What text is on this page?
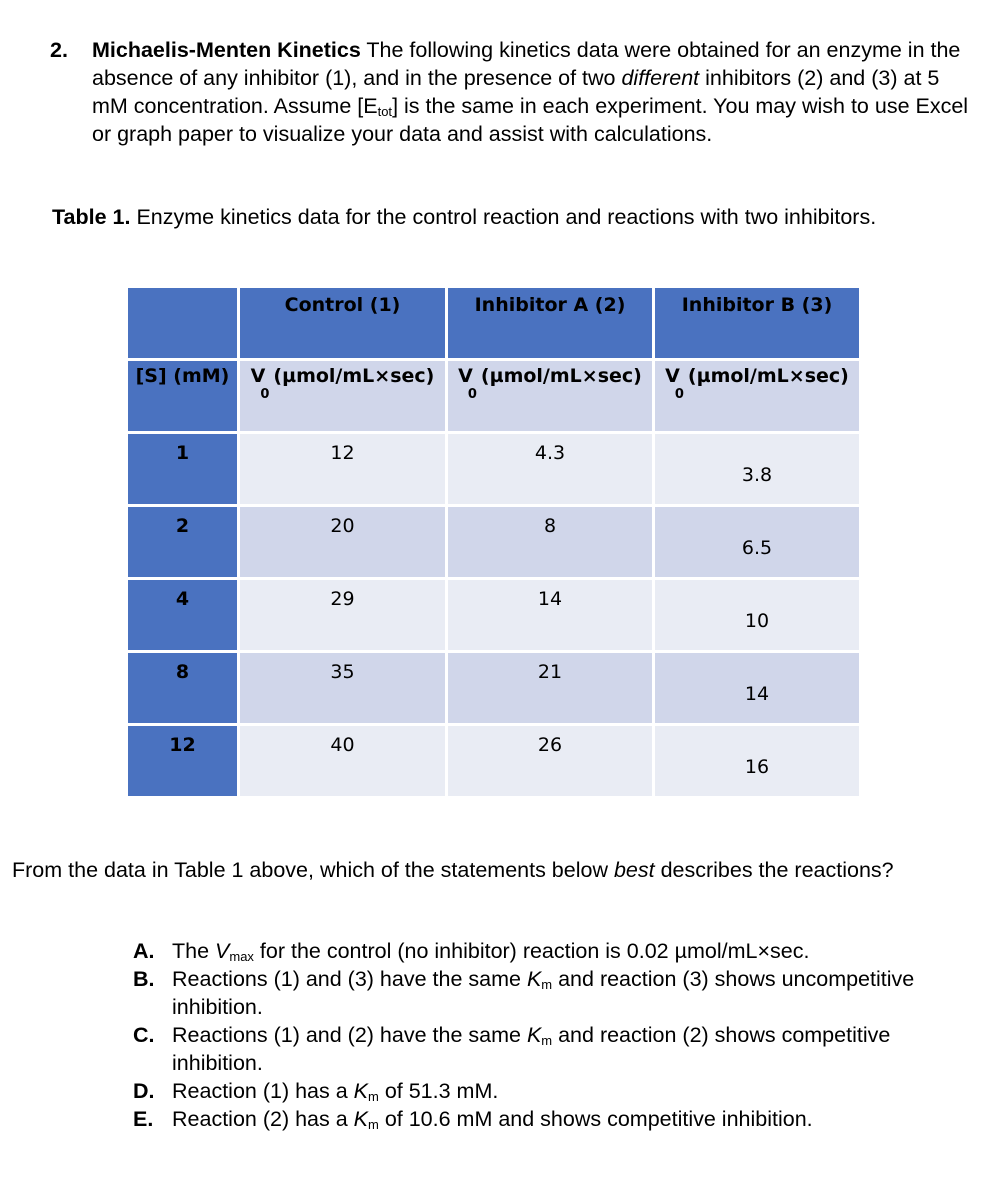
2. Michaelis-Menten Kinetics The following kinetics data were obtained for an enzyme in the absence of any inhibitor (1), and in the presence of two different inhibitors (2) and (3) at 5 mM concentration. Assume $[E_{tot}]$ is the same in each experiment. You may wish to use Excel or graph paper to visualize your data and assist with calculations.
Table 1. Enzyme kinetics data for the control reaction and reactions with two inhibitors.
	Control (1)	Inhibitor A (2)	Inhibitor B (3)
[S] (mM)	$V_0(\mu mol/mL\times\sec)$	$V_0(\mu mol/mL\times\sec)$	$V_0(\mu mol/mL\times\sec)$
1	12	4.3	3.8

2	20	8	6.5

4	29	14	10

8	35	21	14

12	40	26	16
From the data in Table 1 above, which of the statements below best describes the reactions?
A. The $V_{max}$ for the control (no inhibitor) reaction is 0.02 µmol/mL×sec.
B. Reactions (1) and (3) have the same $K_m$ and reaction (3) shows uncompetitive inhibition.
C. Reactions (1) and (2) have the same $K_m$ and reaction (2) shows competitive inhibition.
D. Reaction (1) has a $K_m$ of 51.3 mM.
E. Reaction (2) has a $K_m$ of 10.6 mM and shows competitive inhibition.
